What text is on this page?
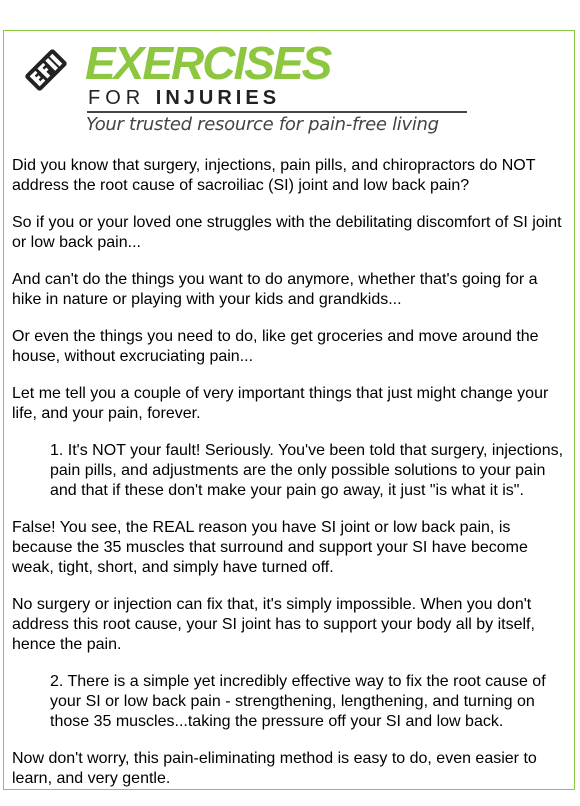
EXERCISES
FOR INJURIES
Your trusted resource for pain-free living

Did you know that surgery, injections, pain pills, and chiropractors do NOT address the root cause of sacroiliac (SI) joint and low back pain?

So if you or your loved one struggles with the debilitating discomfort of SI joint or low back pain...

And can't do the things you want to do anymore, whether that's going for a hike in nature or playing with your kids and grandkids...

Or even the things you need to do, like get groceries and move around the house, without excruciating pain...

Let me tell you a couple of very important things that just might change your life, and your pain, forever.

1. It's NOT your fault! Seriously. You've been told that surgery, injections, pain pills, and adjustments are the only possible solutions to your pain and that if these don't make your pain go away, it just "is what it is".

False! You see, the REAL reason you have SI joint or low back pain, is because the 35 muscles that surround and support your SI have become weak, tight, short, and simply have turned off.

No surgery or injection can fix that, it's simply impossible. When you don't address this root cause, your SI joint has to support your body all by itself, hence the pain.

2. There is a simple yet incredibly effective way to fix the root cause of your SI or low back pain - strengthening, lengthening, and turning on those 35 muscles...taking the pressure off your SI and low back.

Now don't worry, this pain-eliminating method is easy to do, even easier to learn, and very gentle.
